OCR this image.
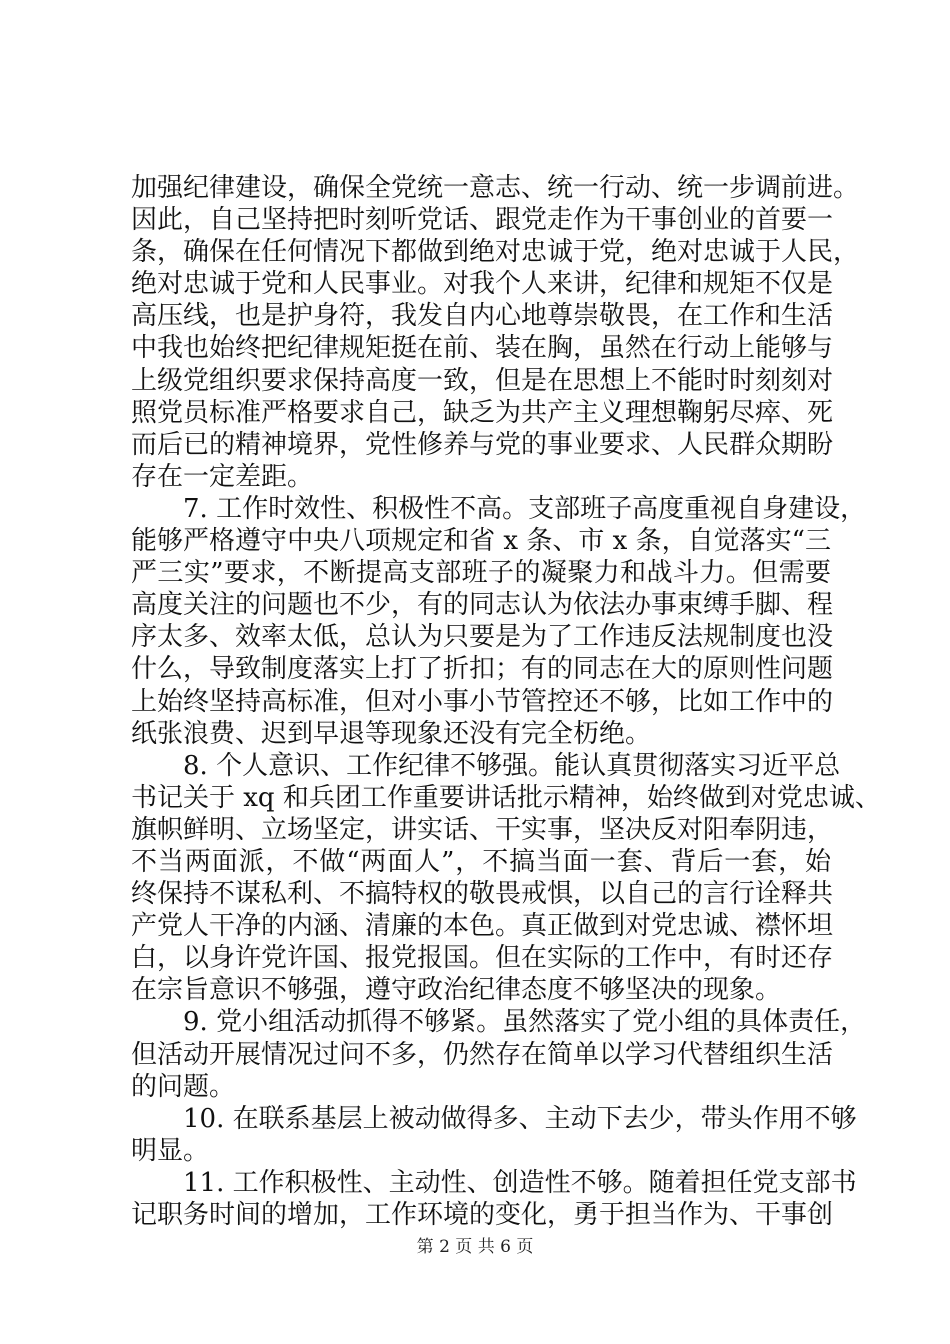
加强纪律建设，确保全党统一意志、统一行动、统一步调前进。
因此，自己坚持把时刻听党话、跟党走作为干事创业的首要一
条，确保在任何情况下都做到绝对忠诚于党，绝对忠诚于人民，
绝对忠诚于党和人民事业。对我个人来讲，纪律和规矩不仅是
高压线，也是护身符，我发自内心地尊崇敬畏，在工作和生活
中我也始终把纪律规矩挺在前、装在胸，虽然在行动上能够与
上级党组织要求保持高度一致，但是在思想上不能时时刻刻对
照党员标准严格要求自己，缺乏为共产主义理想鞠躬尽瘁、死
而后已的精神境界，党性修养与党的事业要求、人民群众期盼
存在一定差距。
7. 工作时效性、积极性不高。支部班子高度重视自身建设，
能够严格遵守中央八项规定和省 x 条、市 x 条，自觉落实“三
严三实”要求，不断提高支部班子的凝聚力和战斗力。但需要
高度关注的问题也不少，有的同志认为依法办事束缚手脚、程
序太多、效率太低，总认为只要是为了工作违反法规制度也没
什么，导致制度落实上打了折扣；有的同志在大的原则性问题
上始终坚持高标准，但对小事小节管控还不够，比如工作中的
纸张浪费、迟到早退等现象还没有完全杤绝。
8. 个人意识、工作纪律不够强。能认真贯彻落实习近平总
书记关于 xq 和兵团工作重要讲话批示精神，始终做到对党忠诚、
旗帜鲜明、立场坚定，讲实话、干实事，坚决反对阳奉阴违，
不当两面派，不做“两面人”，不搞当面一套、背后一套，始
终保持不谋私利、不搞特权的敬畏戒惧，以自己的言行诠释共
产党人干净的内涵、清廉的本色。真正做到对党忠诚、襟怀坦
白，以身许党许国、报党报国。但在实际的工作中，有时还存
在宗旨意识不够强，遵守政治纪律态度不够坚决的现象。
9. 党小组活动抓得不够紧。虽然落实了党小组的具体责任，
但活动开展情况过问不多，仍然存在简单以学习代替组织生活
的问题。
10. 在联系基层上被动做得多、主动下去少，带头作用不够
明显。
11. 工作积极性、主动性、创造性不够。随着担任党支部书
记职务时间的增加，工作环境的变化，勇于担当作为、干事创
第 2 页 共 6 页
